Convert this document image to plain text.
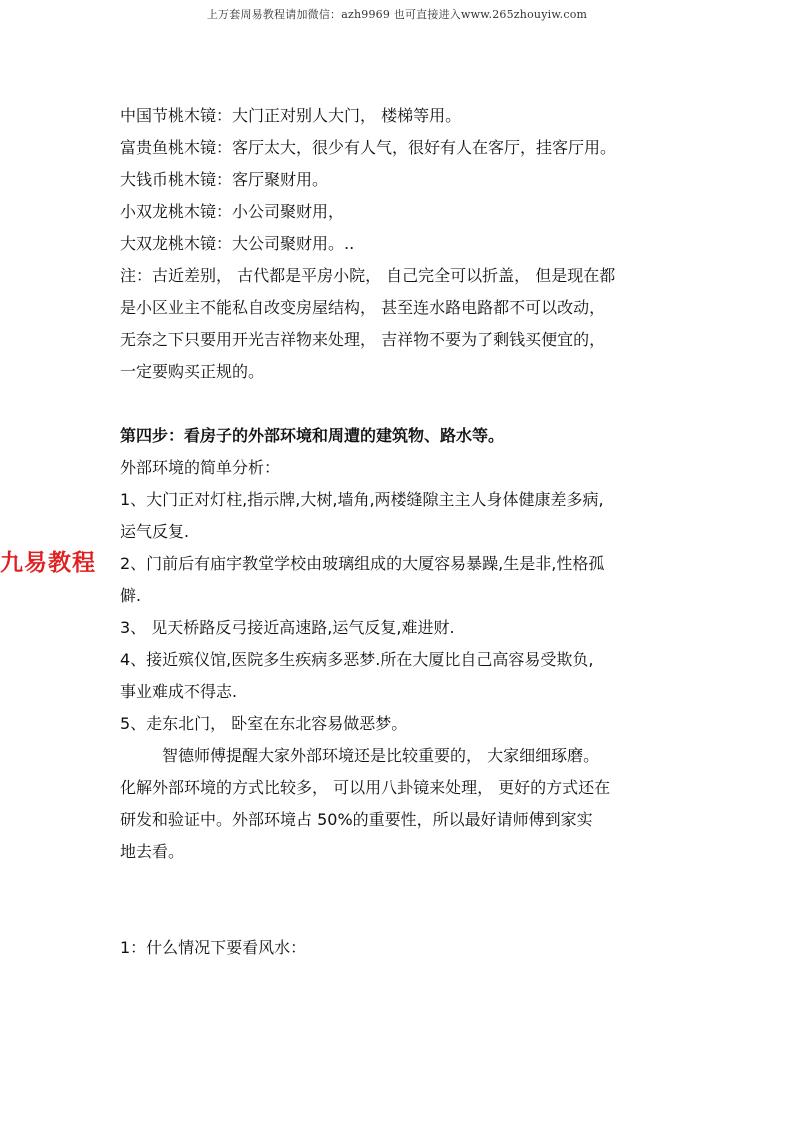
上万套周易教程请加微信：azh9969 也可直接进入www.265zhouyiw.com
九易教程

中国节桃木镜：大门正对别人大门， 楼梯等用。

富贵鱼桃木镜：客厅太大，很少有人气，很好有人在客厅，挂客厅用。

大钱币桃木镜：客厅聚财用。

小双龙桃木镜：小公司聚财用，

大双龙桃木镜：大公司聚财用。..

注：古近差别， 古代都是平房小院， 自己完全可以折盖， 但是现在都

是小区业主不能私自改变房屋结构， 甚至连水路电路都不可以改动，

无奈之下只要用开光吉祥物来处理， 吉祥物不要为了剩钱买便宜的，

一定要购买正规的。

第四步：看房子的外部环境和周遭的建筑物、路水等。

外部环境的简单分析：

1、大门正对灯柱,指示牌,大树,墙角,两楼缝隙主主人身体健康差多病,

运气反复.

2、门前后有庙宇教堂学校由玻璃组成的大厦容易暴躁,生是非,性格孤

僻.

3、 见天桥路反弓接近高速路,运气反复,难进财.

4、接近殡仪馆,医院多生疾病多恶梦.所在大厦比自己高容易受欺负,

事业难成不得志.

5、走东北门， 卧室在东北容易做恶梦。

智德师傅提醒大家外部环境还是比较重要的， 大家细细琢磨。

化解外部环境的方式比较多， 可以用八卦镜来处理， 更好的方式还在

研发和验证中。外部环境占 50%的重要性，所以最好请师傅到家实

地去看。

1：什么情况下要看风水：
